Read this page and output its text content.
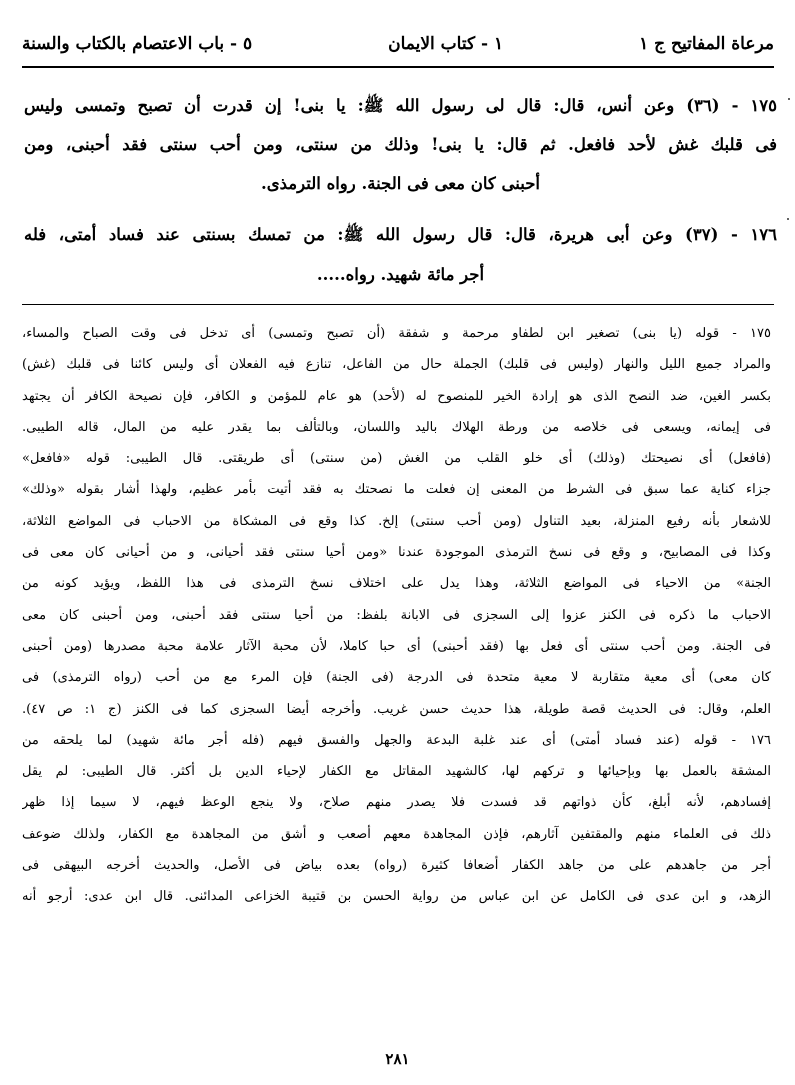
مرعاة المفاتيح ج ١
١ - كتاب الايمان
٥ - باب الاعتصام بالكتاب والسنة

١٧٥ - (٣٦) وعن أنس، قال: قال لى رسول الله ﷺ: يا بنى! إن قدرت أن تصبح وتمسى وليس

فى قلبك غش لأحد فافعل. ثم قال: يا بنى! وذلك من سنتى، ومن أحب سنتى فقد أحبنى، ومن

أحبنى كان معى فى الجنة. رواه الترمذى.

١٧٦ - (٣٧) وعن أبى هريرة، قال: قال رسول الله ﷺ: من تمسك بسنتى عند فساد أمتى، فله

أجر مائة شهيد. رواه.....

١٧٥ - قوله (يا بنى) تصغير ابن لطفاو مرحمة و شفقة (أن تصبح وتمسى) أى تدخل فى وقت الصباح والمساء،

والمراد جميع الليل والنهار (وليس فى قلبك) الجملة حال من الفاعل، تنازع فيه الفعلان أى وليس كائنا فى قلبك (غش)

بكسر الغين، ضد النصح الذى هو إرادة الخير للمنصوح له (لأحد) هو عام للمؤمن و الكافر، فإن نصيحة الكافر أن يجتهد

فى إيمانه، ويسعى فى خلاصه من ورطة الهلاك باليد واللسان، وبالتألف بما يقدر عليه من المال، قاله الطيبى.

(فافعل) أى نصيحتك (وذلك) أى خلو القلب من الغش (من سنتى) أى طريقتى. قال الطيبى: قوله «فافعل»

جزاء كناية عما سبق فى الشرط من المعنى إن فعلت ما نصحتك به فقد أتيت بأمر عظيم، ولهذا أشار بقوله «وذلك»

للاشعار بأنه رفيع المنزلة، بعيد التناول (ومن أحب سنتى) إلخ. كذا وقع فى المشكاة من الاحباب فى المواضع الثلاثة،

وكذا فى المصابيح، و وقع فى نسخ الترمذى الموجودة عندنا «ومن أحيا سنتى فقد أحيانى، و من أحيانى كان معى فى

الجنة» من الاحياء فى المواضع الثلاثة، وهذا يدل على اختلاف نسخ الترمذى فى هذا اللفظ، ويؤيد كونه من

الاحباب ما ذكره فى الكنز عزوا إلى السجزى فى الابانة بلفظ: من أحيا سنتى فقد أحبنى، ومن أحبنى كان معى

فى الجنة. ومن أحب سنتى أى فعل بها (فقد أحبنى) أى حبا كاملا، لأن محبة الآثار علامة محبة مصدرها (ومن أحبنى

كان معى) أى معية متقاربة لا معية متحدة فى الدرجة (فى الجنة) فإن المرء مع من أحب (رواه الترمذى) فى

العلم، وقال: فى الحديث قصة طويلة، هذا حديث حسن غريب. وأخرجه أيضا السجزى كما فى الكنز (ج ١: ص ٤٧).

١٧٦ - قوله (عند فساد أمتى) أى عند غلبة البدعة والجهل والفسق فيهم (فله أجر مائة شهيد) لما يلحقه من

المشقة بالعمل بها وبإحيائها و تركهم لها، كالشهيد المقاتل مع الكفار لإحياء الدين بل أكثر. قال الطيبى: لم يقل

إفسادهم، لأنه أبلغ، كأن ذواتهم قد فسدت فلا يصدر منهم صلاح، ولا ينجع الوعظ فيهم، لا سيما إذا ظهر

ذلك فى العلماء منهم والمقتفين آثارهم، فإذن المجاهدة معهم أصعب و أشق من المجاهدة مع الكفار، ولذلك ضوعف

أجر من جاهدهم على من جاهد الكفار أضعافا كثيرة (رواه) بعده بياض فى الأصل، والحديث أخرجه البيهقى فى

الزهد، و ابن عدى فى الكامل عن ابن عباس من رواية الحسن بن قتيبة الخزاعى المدائنى. قال ابن عدى: أرجو أنه

٢٨١
